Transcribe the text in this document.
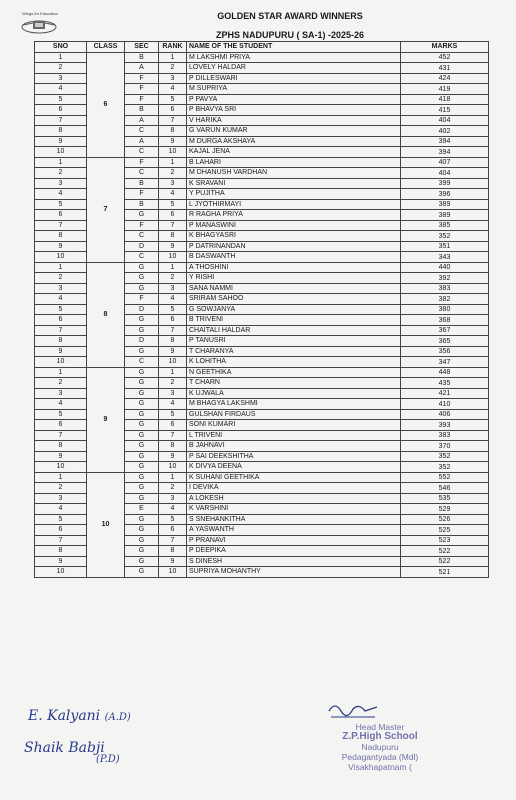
Wings for Education	GOLDEN STAR AWARD WINNERS
ZPHS NADUPURU ( SA-1) -2025-26
SNO	CLASS	SEC	RANK	NAME OF THE STUDENT	MARKS
1	6	B	1	M LAKSHMI PRIYA	452
2		A	2	LOVELY HALDAR	431
3		F	3	P DILLESWARI	424
4		F	4	M SUPRIYA	419
5		F	5	P PAVYA	418
6		B	6	P BHAVYA SRI	415
7		A	7	V HARIKA	404
8		C	8	G VARUN KUMAR	402
9		A	9	M DURGA AKSHAYA	394
10		C	10	KAJAL JENA	394
1	7	F	1	B LAHARI	407
2		C	2	M DHANUSH VARDHAN	404
3		B	3	K SRAVANI	399
4		F	4	Y PUJITHA	396
5		B	5	L JYOTHIRMAYI	389
6		G	6	R RAGHA PRIYA	389
7		F	7	P MANASWINI	385
8		C	8	K BHAGYASRI	352
9		D	9	P DATRINANDAN	351
10		C	10	B DASWANTH	343
1	8	G	1	A THOSHINI	440
2		G	2	Y RISHI	392
3		G	3	SANA NAMMI	383
4		F	4	SRIRAM SAHOO	382
5		D	5	G SOWJANYA	380
6		G	6	B TRIVENI	368
7		G	7	CHAITALI HALDAR	367
8		D	8	P TANUSRI	365
9		G	9	T CHARANYA	356
10		C	10	K LOHITHA	347
1	9	G	1	N GEETHIKA	448
2		G	2	T CHARN	435
3		G	3	K UJWALA	421
4		G	4	M BHAGYA LAKSHMI	410
5		G	5	GULSHAN FIRDAUS	406
6		G	6	SONI KUMARI	393
7		G	7	L TRIVENI	383
8		G	8	B JAHNAVI	370
9		G	9	P SAI DEEKSHITHA	352
10		G	10	K DIVYA DEENA	352
1	10	G	1	K SUHANI GEETHIKA	552
2		G	2	I DEVIKA	546
3		G	3	A LOKESH	535
4		E	4	K VARSHINI	529
5		G	5	S SNEHANKITHA	526
6		G	6	A YASWANTH	525
7		G	7	P PRANAVI	523
8		G	8	P DEEPIKA	522
9		G	9	S DINESH	522
10		G	10	SUPRIYA MOHANTHY	521
E. Kalyani (A.D)
Shaik Babji
(P.D)
Head Master
Z.P.High School
Nadupuru
Pedagantyada (Mdl)
Visakhapatnam (
